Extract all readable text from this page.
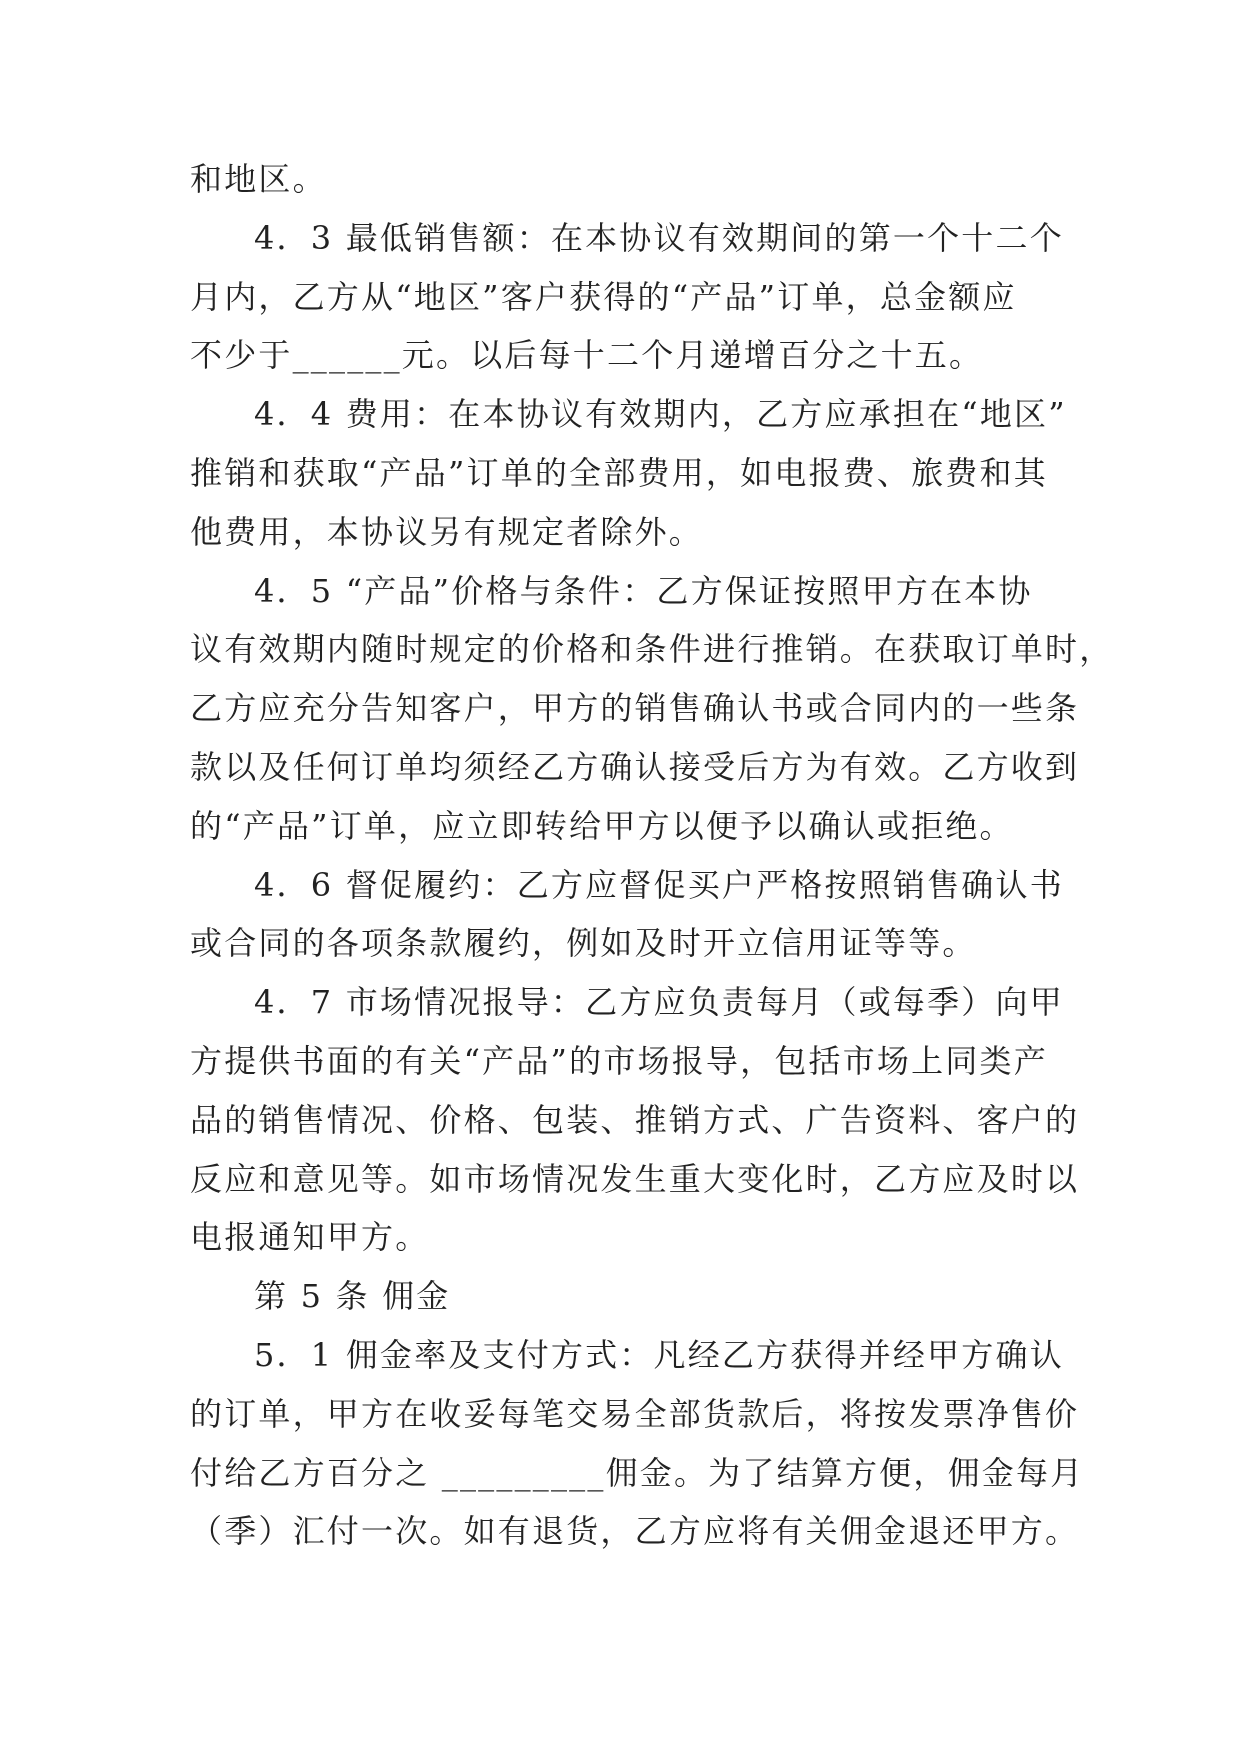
和地区。
4．3 最低销售额：在本协议有效期间的第一个十二个
月内，乙方从“地区”客户获得的“产品”订单，总金额应
不少于______元。以后每十二个月递增百分之十五。
4．4 费用：在本协议有效期内，乙方应承担在“地区”
推销和获取“产品”订单的全部费用，如电报费、旅费和其
他费用，本协议另有规定者除外。
4．5 “产品”价格与条件：乙方保证按照甲方在本协
议有效期内随时规定的价格和条件进行推销。在获取订单时，
乙方应充分告知客户，甲方的销售确认书或合同内的一些条
款以及任何订单均须经乙方确认接受后方为有效。乙方收到
的“产品”订单，应立即转给甲方以便予以确认或拒绝。
4．6 督促履约：乙方应督促买户严格按照销售确认书
或合同的各项条款履约，例如及时开立信用证等等。
4．7 市场情况报导：乙方应负责每月（或每季）向甲
方提供书面的有关“产品”的市场报导，包括市场上同类产
品的销售情况、价格、包装、推销方式、广告资料、客户的
反应和意见等。如市场情况发生重大变化时，乙方应及时以
电报通知甲方。
第 5 条 佣金
5．1 佣金率及支付方式：凡经乙方获得并经甲方确认
的订单，甲方在收妥每笔交易全部货款后，将按发票净售价
付给乙方百分之 _________佣金。为了结算方便，佣金每月
（季）汇付一次。如有退货，乙方应将有关佣金退还甲方。
